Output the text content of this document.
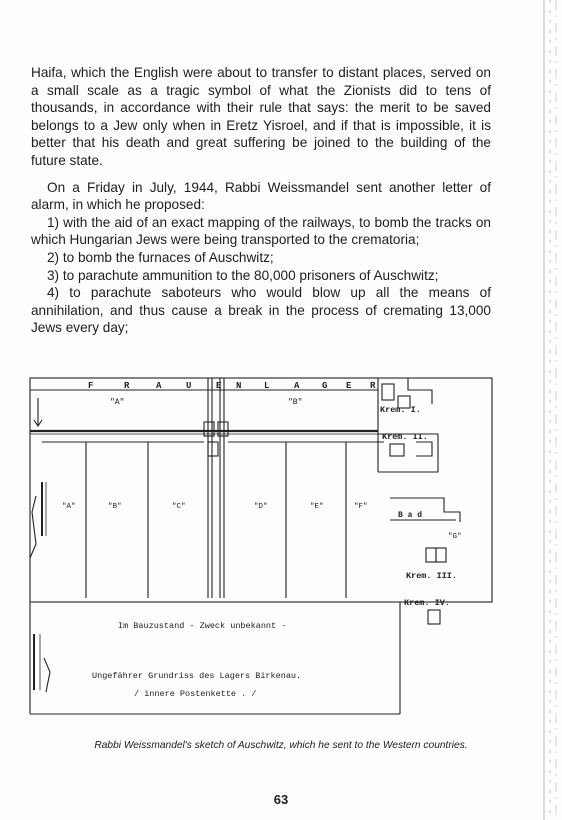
Haifa, which the English were about to transfer to distant places, served on a small scale as a tragic symbol of what the Zionists did to tens of thousands, in accordance with their rule that says: the merit to be saved belongs to a Jew only when in Eretz Yisroel, and if that is impossible, it is better that his death and great suffering be joined to the building of the future state.

On a Friday in July, 1944, Rabbi Weissmandel sent another letter of alarm, in which he proposed:

1) with the aid of an exact mapping of the railways, to bomb the tracks on which Hungarian Jews were being transported to the crematoria;

2) to bomb the furnaces of Auschwitz;

3) to parachute ammunition to the 80,000 prisoners of Auschwitz;

4) to parachute saboteurs who would blow up all the means of annihilation, and thus cause a break in the process of cremating 13,000 Jews every day;

F	R	A	U	E N	L	A	G E R
"A"	"B"
"A"	"B"	"C"	"D"	"E"	"F"
Krem. I.
Krem. II.
"G"
Krem. III.
Krem. IV.
B a d
Im Bauzustand - Zweck unbekannt -
Ungefährer Grundriss des Lagers Birkenau.
/ innere Postenkette . /
Rabbi Weissmandel's sketch of Auschwitz, which he sent to the Western countries.
63
